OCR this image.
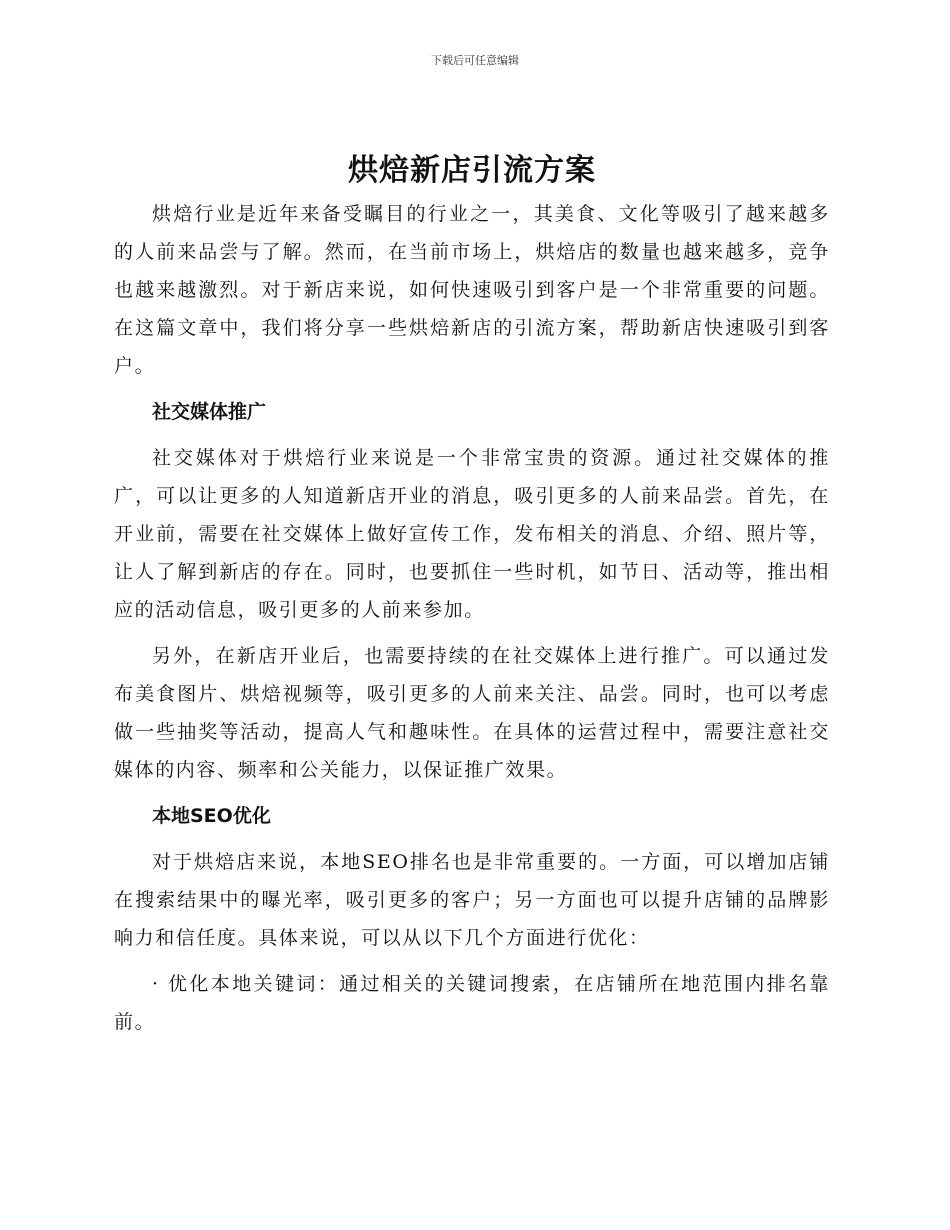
下载后可任意编辑
烘焙新店引流方案

烘焙行业是近年来备受瞩目的行业之一，其美食、文化等吸引了越来越多的人前来品尝与了解。然而，在当前市场上，烘焙店的数量也越来越多，竞争也越来越激烈。对于新店来说，如何快速吸引到客户是一个非常重要的问题。在这篇文章中，我们将分享一些烘焙新店的引流方案，帮助新店快速吸引到客户。

社交媒体推广

社交媒体对于烘焙行业来说是一个非常宝贵的资源。通过社交媒体的推广，可以让更多的人知道新店开业的消息，吸引更多的人前来品尝。首先，在开业前，需要在社交媒体上做好宣传工作，发布相关的消息、介绍、照片等，让人了解到新店的存在。同时，也要抓住一些时机，如节日、活动等，推出相应的活动信息，吸引更多的人前来参加。

另外，在新店开业后，也需要持续的在社交媒体上进行推广。可以通过发布美食图片、烘焙视频等，吸引更多的人前来关注、品尝。同时，也可以考虑做一些抽奖等活动，提高人气和趣味性。在具体的运营过程中，需要注意社交媒体的内容、频率和公关能力，以保证推广效果。

本地SEO优化

对于烘焙店来说，本地SEO排名也是非常重要的。一方面，可以增加店铺在搜索结果中的曝光率，吸引更多的客户；另一方面也可以提升店铺的品牌影响力和信任度。具体来说，可以从以下几个方面进行优化：

· 优化本地关键词：通过相关的关键词搜索，在店铺所在地范围内排名靠前。
